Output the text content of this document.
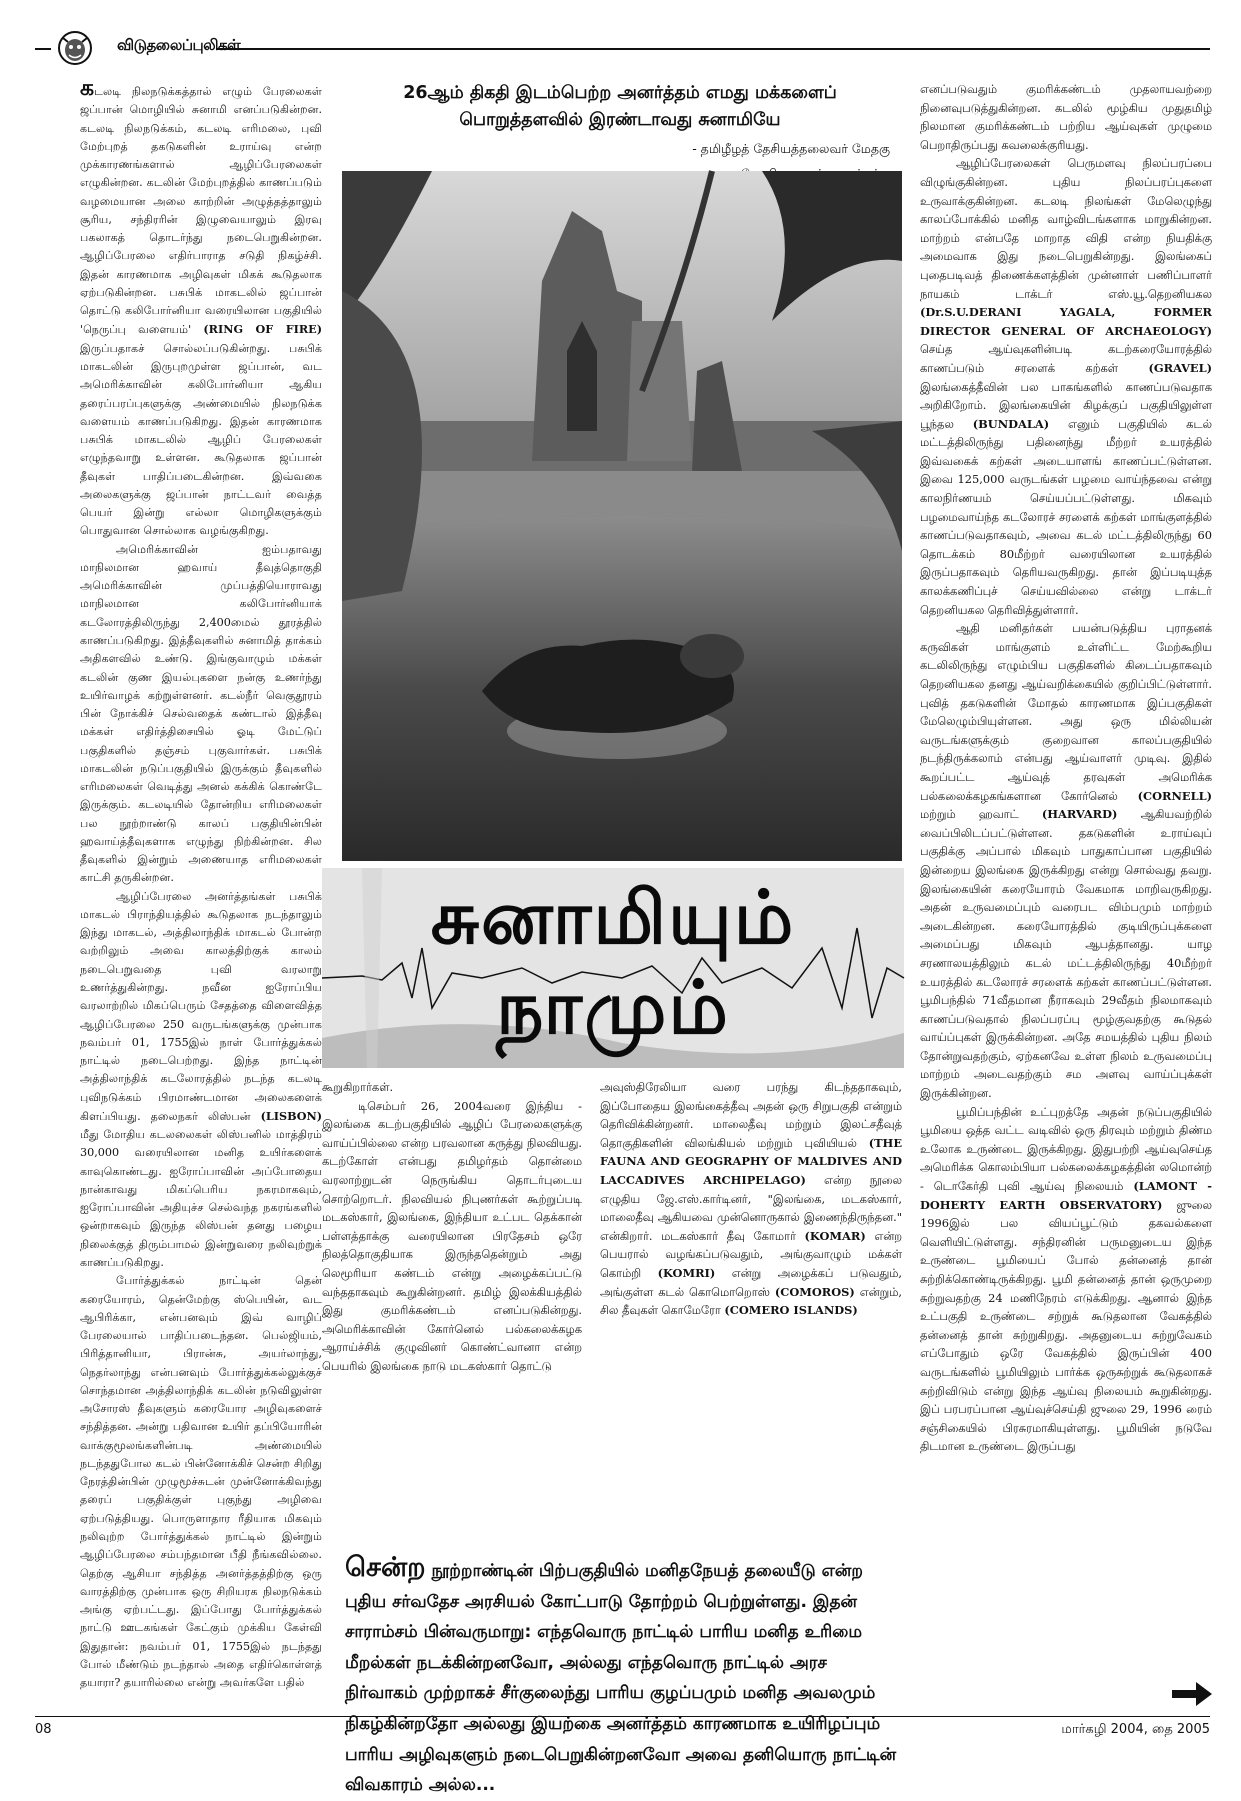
விடுதலைப்புலிகள்

கடலடி நிலநடுக்கத்தால் எழும் பேரலைகள் ஜப்பான் மொழியில் சுனாமி எனப்படுகின்றன. கடலடி நிலநடுக்கம், கடலடி எரிமலை, புவி மேற்புறத் தகடுகளின் உராய்வு என்ற முக்காரணங்களால் ஆழிப்பேரலைகள் எழுகின்றன. கடலின் மேற்புறத்தில் காணப்படும் வழமையான அலை காற்றின் அழுத்தத்தாலும் சூரிய, சந்திரரின் இழுவையாலும் இரவு பகலாகத் தொடர்ந்து நடைபெறுகின்றன. ஆழிப்பேரலை எதிர்பாராத சடுதி நிகழ்ச்சி. இதன் காரணமாக அழிவுகள் மிகக் கூடுதலாக ஏற்படுகின்றன. பசுபிக் மாகடலில் ஜப்பான் தொட்டு கலிபோர்னியா வரையிலான பகுதியில் 'நெருப்பு வளையம்' (RING OF FIRE) இருப்பதாகச் சொல்லப்படுகின்றது. பசுபிக் மாகடலின் இருபுறமுள்ள ஜப்பான், வட அமெரிக்காவின் கலிபோர்னியா ஆகிய தரைப்பரப்புகளுக்கு அண்மையில் நிலநடுக்க வளையம் காணப்படுகிறது. இதன் காரணமாக பசுபிக் மாகடலில் ஆழிப் பேரலைகள் எழுந்தவாறு உள்ளன. கூடுதலாக ஜப்பான் தீவுகள் பாதிப்படைகின்றன. இவ்வகை அலைகளுக்கு ஜப்பான் நாட்டவர் வைத்த பெயர் இன்று எல்லா மொழிகளுக்கும் பொதுவான சொல்லாக வழங்குகிறது.

அமெரிக்காவின் ஐம்பதாவது மாநிலமான ஹவாய் தீவுத்தொகுதி அமெரிக்காவின் முப்பத்தியொராவது மாநிலமான கலிபோர்னியாக் கடலோரத்திலிருந்து 2,400மைல் தூரத்தில் காணப்படுகிறது. இத்தீவுகளில் சுனாமித் தாக்கம் அதிகளவில் உண்டு. இங்குவாழும் மக்கள் கடலின் குண இயல்புகளை நன்கு உணர்ந்து உயிர்வாழக் கற்றுள்ளனர். கடல்நீர் வெகுதூரம் பின் நோக்கிச் செல்வதைக் கண்டால் இத்தீவு மக்கள் எதிர்த்திசையில் ஓடி மேட்டுப் பகுதிகளில் தஞ்சம் புகுவார்கள். பசுபிக் மாகடலின் நடுப்பகுதியில் இருக்கும் தீவுகளில் எரிமலைகள் வெடித்து அனல் கக்கிக் கொண்டே இருக்கும். கடலடியில் தோன்றிய எரிமலைகள் பல நூற்றாண்டு காலப் பகுதியின்பின் ஹவாய்த்தீவுகளாக எழுந்து நிற்கின்றன. சில தீவுகளில் இன்றும் அணையாத எரிமலைகள் காட்சி தருகின்றன.

ஆழிப்பேரலை அனர்த்தங்கள் பசுபிக் மாகடல் பிராந்தியத்தில் கூடுதலாக நடந்தாலும் இந்து மாகடல், அத்திலாந்திக் மாகடல் போன்ற வற்றிலும் அவை காலத்திற்குக் காலம் நடைபெறுவதை புவி வரலாறு உணர்த்துகின்றது. நவீன ஐரோப்பிய வரலாற்றில் மிகப்பெரும் சேதத்தை விளைவித்த ஆழிப்பேரலை 250 வருடங்களுக்கு முன்பாக நவம்பர் 01, 1755இல் நாள் போர்த்துக்கல் நாட்டில் நடைபெற்றது. இந்த நாட்டின் அத்திலாந்திக் கடலோரத்தில் நடந்த கடலடி புவிநடுக்கம் பிரமாண்டமான அலைகளைக் கிளப்பியது. தலைநகர் லிஸ்பன் (LISBON) மீது மோதிய கடலலைகள் லிஸ்பனில் மாத்திரம் 30,000 வரையிலான மனித உயிர்களைக் காவுகொண்டது. ஐரோப்பாவின் அப்போதைய நான்காவது மிகப்பெரிய நகரமாகவும், ஐரோப்பாவின் அதியுச்ச செல்வந்த நகரங்களில் ஒன்றாகவும் இருந்த லிஸ்பன் தனது பழைய நிலைக்குத் திரும்பாமல் இன்றுவரை நலிவுற்றுக் காணப்படுகிறது.

போர்த்துக்கல் நாட்டின் தென் கரையோரம், தென்மேற்கு ஸ்பெயின், வட ஆபிரிக்கா, என்பனவும் இவ் வாழிப் பேரலையால் பாதிப்படைந்தன. பெல்ஜியம், பிரித்தானியா, பிரான்சு, அயர்லாந்து, நெதர்லாந்து என்பனவும் போர்த்துக்கல்லுக்குச் சொந்தமான அத்திலாந்திக் கடலின் நடுவிலுள்ள அசோரஸ் தீவுகளும் கரையோர அழிவுகளைச் சந்தித்தன. அன்று பதிவான உயிர் தப்பியோரின் வாக்குமூலங்களின்படி அண்மையில் நடந்ததுபோல கடல் பின்னோக்கிச் சென்ற சிறிது நேரத்தின்பின் முழுமூச்சுடன் முன்னோக்கிவந்து தரைப் பகுதிக்குள் புகுந்து அழிவை ஏற்படுத்தியது. பொருளாதார ரீதியாக மிகவும் நலிவுற்ற போர்த்துக்கல் நாட்டில் இன்றும் ஆழிப்பேரலை சம்பந்தமான பீதி நீங்கவில்லை. தெற்கு ஆசியா சந்தித்த அனர்த்தத்திற்கு ஒரு வாரத்திற்கு முன்பாக ஒரு சிறியரக நிலநடுக்கம் அங்கு ஏற்பட்டது. இப்போது போர்த்துக்கல் நாட்டு ஊடகங்கள் கேட்கும் முக்கிய கேள்வி இதுதான்: நவம்பர் 01, 1755இல் நடந்தது போல் மீண்டும் நடந்தால் அதை எதிர்கொள்ளத் தயாரா? தயாரில்லை என்று அவர்களே பதில்

26ஆம் திகதி இடம்பெற்ற அனர்த்தம் எமது மக்களைப் பொறுத்தளவில் இரண்டாவது சுனாமியே
- தமிழீழத் தேசியத்தலைவர் மேதகு
சுனாமியும்
நாமும்

கூறுகிறார்கள்.

டிசெம்பர் 26, 2004வரை இந்திய - இலங்கை கடற்பகுதியில் ஆழிப் பேரலைகளுக்கு வாய்ப்பில்லை என்ற பரவலான கருத்து நிலவியது. கடற்கோள் என்பது தமிழர்தம் தொன்மை வரலாற்றுடன் நெருங்கிய தொடர்புடைய சொற்றொடர். நிலவியல் நிபுணர்கள் கூற்றுப்படி மடகஸ்கார், இலங்கை, இந்தியா உட்பட தெக்கான் பள்ளத்தாக்கு வரையிலான பிரதேசம் ஒரே நிலத்தொகுதியாக இருந்ததென்றும் அது லெமூரியா கண்டம் என்று அழைக்கப்பட்டு வந்ததாகவும் கூறுகின்றனர். தமிழ் இலக்கியத்தில் இது குமரிக்கண்டம் எனப்படுகின்றது. அமெரிக்காவின் கோர்னெல் பல்கலைக்கழக ஆராய்ச்சிக் குழுவினர் கொண்ட்வானா என்ற பெயரில் இலங்கை நாடு மடகஸ்கார் தொட்டு

அவுஸ்திரேலியா வரை பரந்து கிடந்ததாகவும், இப்போதைய இலங்கைத்தீவு அதன் ஒரு சிறுபகுதி என்றும் தெரிவிக்கின்றனர். மாலைதீவு மற்றும் இலட்சதீவுத் தொகுதிகளின் விலங்கியல் மற்றும் புவியியல் (THE FAUNA AND GEOGRAPHY OF MALDIVES AND LACCADIVES ARCHIPELAGO) என்ற நூலை எழுதிய ஜே.எஸ்.கார்டினர், "இலங்கை, மடகஸ்கார், மாலைதீவு ஆகியவை முன்னொருகால் இணைந்திருந்தன." என்கிறார். மடகஸ்கார் தீவு கோமார் (KOMAR) என்ற பெயரால் வழங்கப்படுவதும், அங்குவாழும் மக்கள் கொம்றி (KOMRI) என்று அழைக்கப் படுவதும், அங்குள்ள கடல் கொமொறொஸ் (COMOROS) என்றும், சில தீவுகள் கொமேரோ (COMERO ISLANDS)

சென்ற நூற்றாண்டின் பிற்பகுதியில் மனிதநேயத் தலையீடு என்ற புதிய சர்வதேச அரசியல் கோட்பாடு தோற்றம் பெற்றுள்ளது. இதன் சாராம்சம் பின்வருமாறு: எந்தவொரு நாட்டில் பாரிய மனித உரிமை மீறல்கள் நடக்கின்றனவோ, அல்லது எந்தவொரு நாட்டில் அரச நிர்வாகம் முற்றாகச் சீர்குலைந்து பாரிய குழப்பமும் மனித அவலமும் நிகழ்கின்றதோ அல்லது இயற்கை அனர்த்தம் காரணமாக உயிரிழப்பும் பாரிய அழிவுகளும் நடைபெறுகின்றனவோ அவை தனியொரு நாட்டின் விவகாரம் அல்ல...

எனப்படுவதும் குமரிக்கண்டம் முதலாயவற்றை நினைவுபடுத்துகின்றன. கடலில் மூழ்கிய முதுதமிழ் நிலமான குமரிக்கண்டம் பற்றிய ஆய்வுகள் முழுமை பெறாதிருப்பது கவலைக்குரியது.

ஆழிப்பேரலைகள் பெருமளவு நிலப்பரப்பை விழுங்குகின்றன. புதிய நிலப்பரப்புகளை உருவாக்குகின்றன. கடலடி நிலங்கள் மேலெழுந்து காலப்போக்கில் மனித வாழ்விடங்களாக மாறுகின்றன. மாற்றம் என்பதே மாறாத விதி என்ற நியதிக்கு அமைவாக இது நடைபெறுகின்றது. இலங்கைப் புதைபடிவத் திணைக்களத்தின் முன்னாள் பணிப்பாளர் நாயகம் டாக்டர் எஸ்.யூ.தெறனியகல (Dr.S.U.DERANI YAGALA, FORMER DIRECTOR GENERAL OF ARCHAEOLOGY) செய்த ஆய்வுகளின்படி கடற்கரையோரத்தில் காணப்படும் சரளைக் கற்கள்	(GRAVEL) இலங்கைத்தீவின் பல பாகங்களில் காணப்படுவதாக அறிகிறோம். இலங்கையின் கிழக்குப் பகுதியிலுள்ள பூந்தல (BUNDALA) எனும் பகுதியில் கடல் மட்டத்திலிருந்து பதினைந்து மீற்றர் உயரத்தில் இவ்வகைக் கற்கள் அடையாளங் காணப்பட்டுள்ளன. இவை 125,000 வருடங்கள் பழமை வாய்ந்தவை என்று காலநிர்ணயம் செய்யப்பட்டுள்ளது. மிகவும் பழமைவாய்ந்த கடலோரச் சரளைக் கற்கள் மாங்குளத்தில் காணப்படுவதாகவும், அவை கடல் மட்டத்திலிருந்து 60 தொடக்கம் 80மீற்றர் வரையிலான உயரத்தில் இருப்பதாகவும் தெரியவருகிறது. தான் இப்படியுத்த காலக்கணிப்புச் செய்யவில்லை என்று டாக்டர் தெறனியகல தெரிவித்துள்ளார்.

ஆதி மனிதர்கள் பயன்படுத்திய புராதனக் கருவிகள் மாங்குளம் உள்ளிட்ட மேற்கூறிய கடலிலிருந்து எழும்பிய பகுதிகளில் கிடைப்பதாகவும் தெறனியகல தனது ஆய்வறிக்கையில் குறிப்பிட்டுள்ளார். புவித் தகடுகளின் மோதல் காரணமாக இப்பகுதிகள் மேலெழும்பியுள்ளன. அது ஒரு மில்லியன் வருடங்களுக்கும் குறைவான காலப்பகுதியில் நடந்திருக்கலாம் என்பது ஆய்வாளர் முடிவு. இதில் கூறப்பட்ட ஆய்வுத் தரவுகள் அமெரிக்க பல்கலைக்கழகங்களான கோர்னெல் (CORNELL) மற்றும் ஹவாட் (HARVARD) ஆகியவற்றில் வைப்பிலிடப்பட்டுள்ளன. தகடுகளின் உராய்வுப் பகுதிக்கு அப்பால் மிகவும் பாதுகாப்பான பகுதியில் இன்றைய இலங்கை இருக்கிறது என்று சொல்வது தவறு. இலங்கையின் கரையோரம் வேகமாக மாறிவருகிறது. அதன் உருவமைப்பும் வரைபட விம்பமும் மாற்றம் அடைகின்றன. கரையோரத்தில் குடியிருப்புக்களை அமைப்பது மிகவும் ஆபத்தானது. யாழ சரணாலயத்திலும் கடல் மட்டத்திலிருந்து 40மீற்றர் உயரத்தில் கடலோரச் சரளைக் கற்கள் காணப்பட்டுள்ளன. பூமிபந்தில் 71வீதமான நீராகவும் 29வீதம் நிலமாகவும் காணப்படுவதால் நிலப்பரப்பு மூழ்குவதற்கு கூடுதல் வாய்ப்புகள் இருக்கின்றன. அதே சமயத்தில் புதிய நிலம் தோன்றுவதற்கும், ஏற்கனவே உள்ள நிலம் உருவமைப்பு மாற்றம் அடைவதற்கும் சம அளவு வாய்ப்புக்கள் இருக்கின்றன.

பூமிப்பந்தின் உட்புறத்தே அதன் நடுப்பகுதியில் பூமியை ஒத்த வட்ட வடிவில் ஒரு திரவும் மற்றும் திண்ம உலோக உருண்டை இருக்கிறது. இதுபற்றி ஆய்வுசெய்த அமெரிக்க கொலம்பியா பல்கலைக்கழகத்தின் லமொன்ற் - டொகேர்தி புவி ஆய்வு நிலையம் (LAMONT - DOHERTY EARTH OBSERVATORY) ஜுலை 1996இல் பல வியப்பூட்டும் தகவல்களை வெளியிட்டுள்ளது. சந்திரனின் பருமனுடைய இந்த உருண்டை பூமியைப் போல் தன்னைத் தான் சுற்றிக்கொண்டிருக்கிறது. பூமி தன்னைத் தான் ஒருமுறை சுற்றுவதற்கு 24 மணிநேரம் எடுக்கிறது. ஆனால் இந்த உட்பகுதி உருண்டை சற்றுக் கூடுதலான வேகத்தில் தன்னைத் தான் சுற்றுகிறது. அதனுடைய சுற்றுவேகம் எப்போதும் ஒரே வேகத்தில் இருப்பின் 400 வருடங்களில் பூமியிலும் பார்க்க ஒருசுற்றுக் கூடுதலாகச் சுற்றிவிடும் என்று இந்த ஆய்வு நிலையம் கூறுகின்றது. இப் பரபரப்பான ஆய்வுச்செய்தி ஜுலை 29, 1996 ரைம் சஞ்சிகையில் பிரசுரமாகியுள்ளது. பூமியின் நடுவே திடமான உருண்டை இருப்பது

08	மார்கழி 2004, தை 2005
